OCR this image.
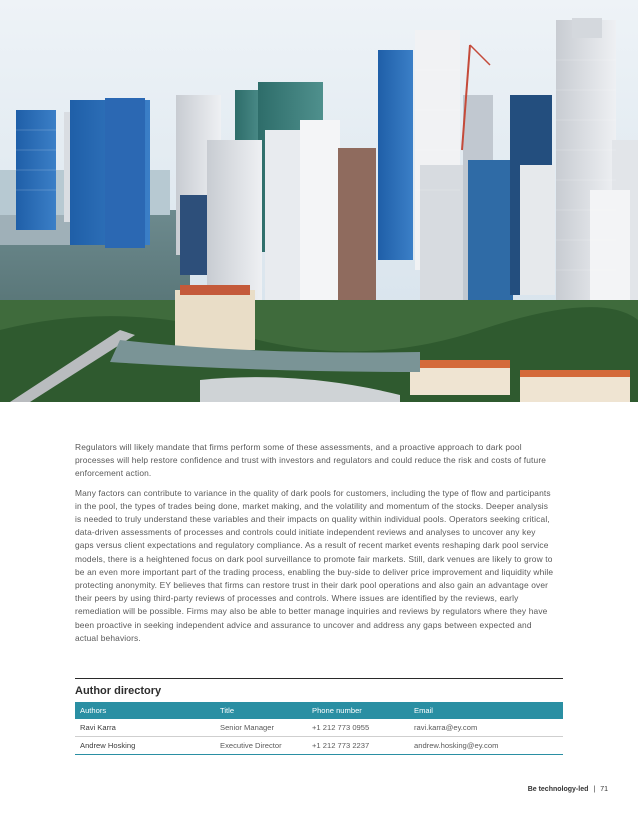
Regulators will likely mandate that firms perform some of these assessments, and a proactive approach to dark pool processes will help restore confidence and trust with investors and regulators and could reduce the risk and costs of future enforcement action.

Many factors can contribute to variance in the quality of dark pools for customers, including the type of flow and participants in the pool, the types of trades being done, market making, and the volatility and momentum of the stocks. Deeper analysis is needed to truly understand these variables and their impacts on quality within individual pools. Operators seeking critical, data-driven assessments of processes and controls could initiate independent reviews and analyses to uncover any key gaps versus client expectations and regulatory compliance. As a result of recent market events reshaping dark pool service models, there is a heightened focus on dark pool surveillance to promote fair markets. Still, dark venues are likely to grow to be an even more important part of the trading process, enabling the buy-side to deliver price improvement and liquidity while protecting anonymity. EY believes that firms can restore trust in their dark pool operations and also gain an advantage over their peers by using third-party reviews of processes and controls. Where issues are identified by the reviews, early remediation will be possible. Firms may also be able to better manage inquiries and reviews by regulators where they have been proactive in seeking independent advice and assurance to uncover and address any gaps between expected and actual behaviors.

Author directory
Authors	Title	Phone number	Email
Ravi Karra	Senior Manager	+1 212 773 0955	ravi.karra@ey.com
Andrew Hosking	Executive Director	+1 212 773 2237	andrew.hosking@ey.com
Be technology-led | 71
